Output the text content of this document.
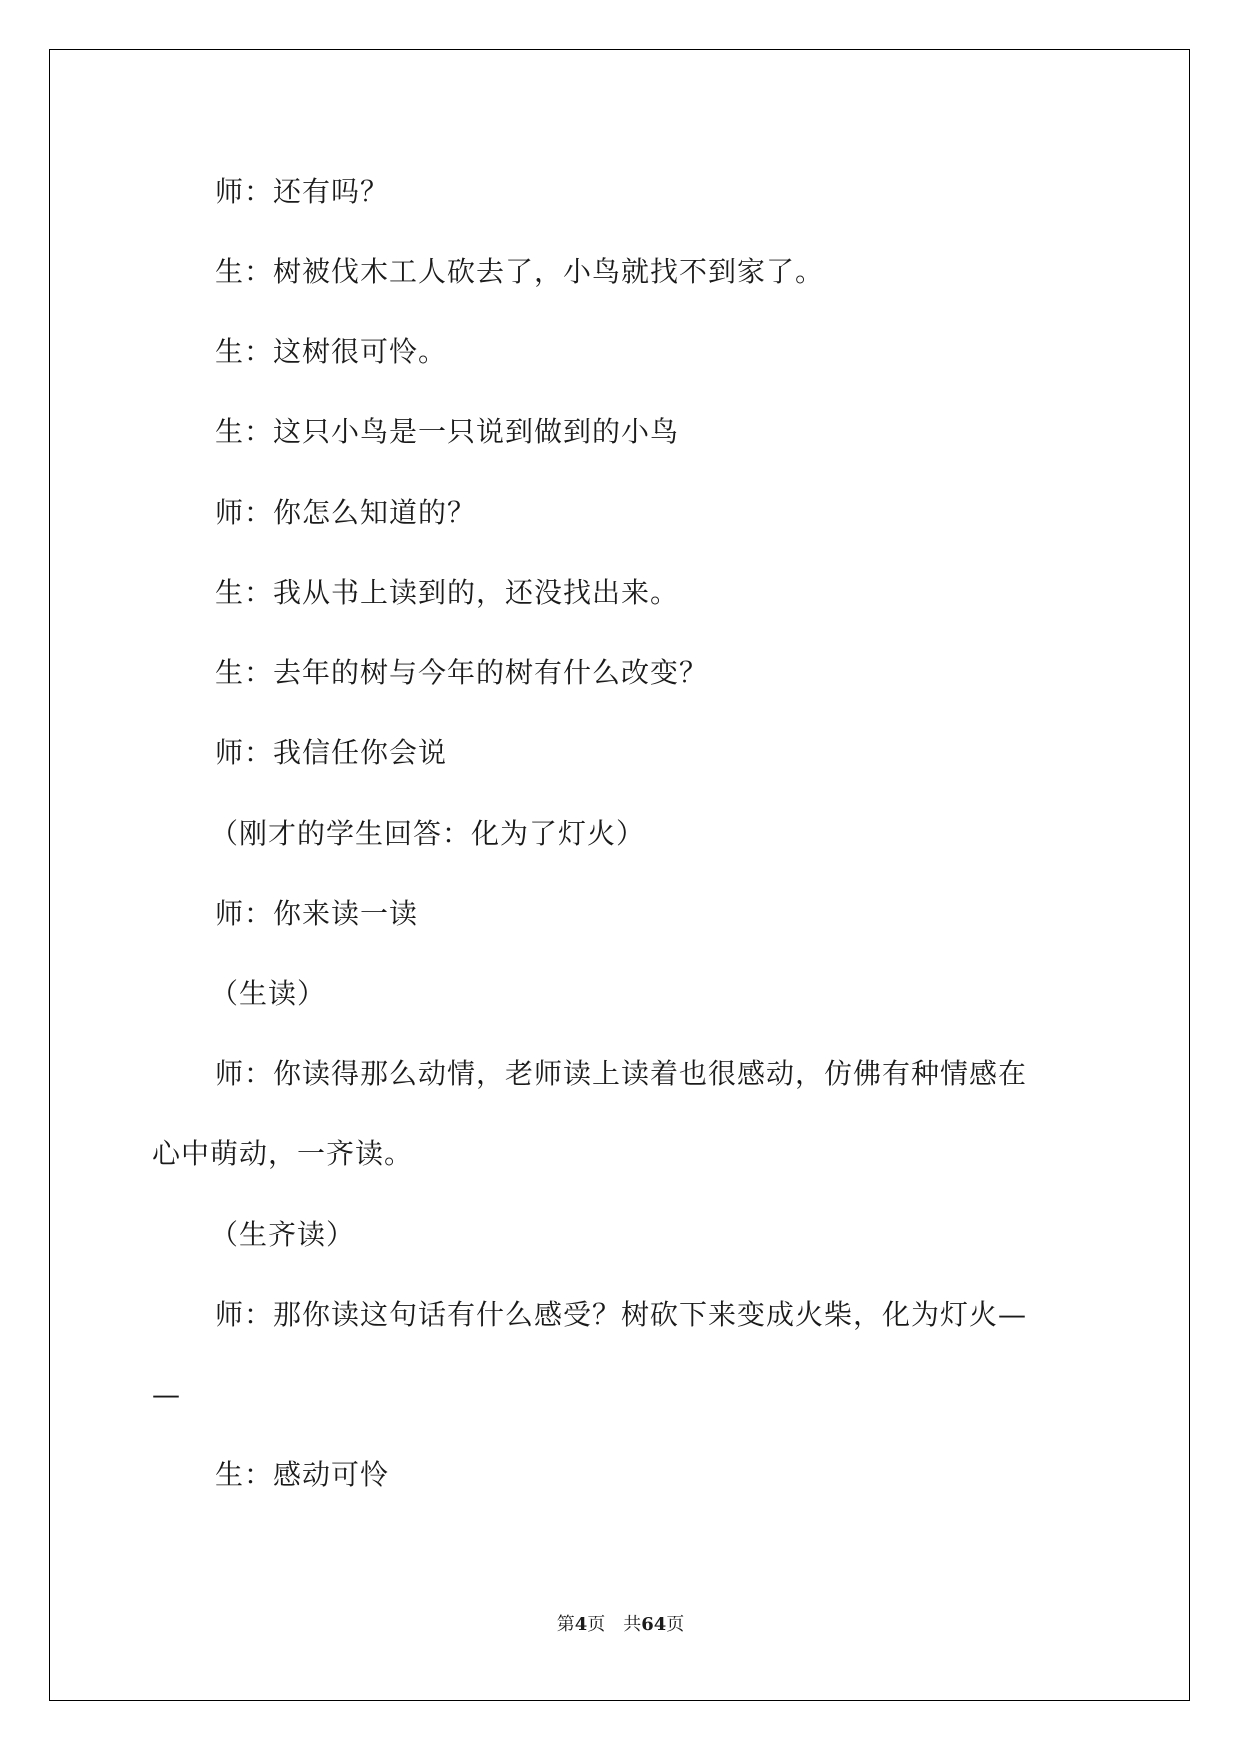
师：还有吗？
生：树被伐木工人砍去了，小鸟就找不到家了。
生：这树很可怜。
生：这只小鸟是一只说到做到的小鸟
师：你怎么知道的？
生：我从书上读到的，还没找出来。
生：去年的树与今年的树有什么改变？
师：我信任你会说
（刚才的学生回答：化为了灯火）
师：你来读一读
（生读）
师：你读得那么动情，老师读上读着也很感动，仿佛有种情感在
心中萌动，一齐读。
（生齐读）
师：那你读这句话有什么感受？树砍下来变成火柴，化为灯火—
—
生：感动可怜
第4页 共64页
